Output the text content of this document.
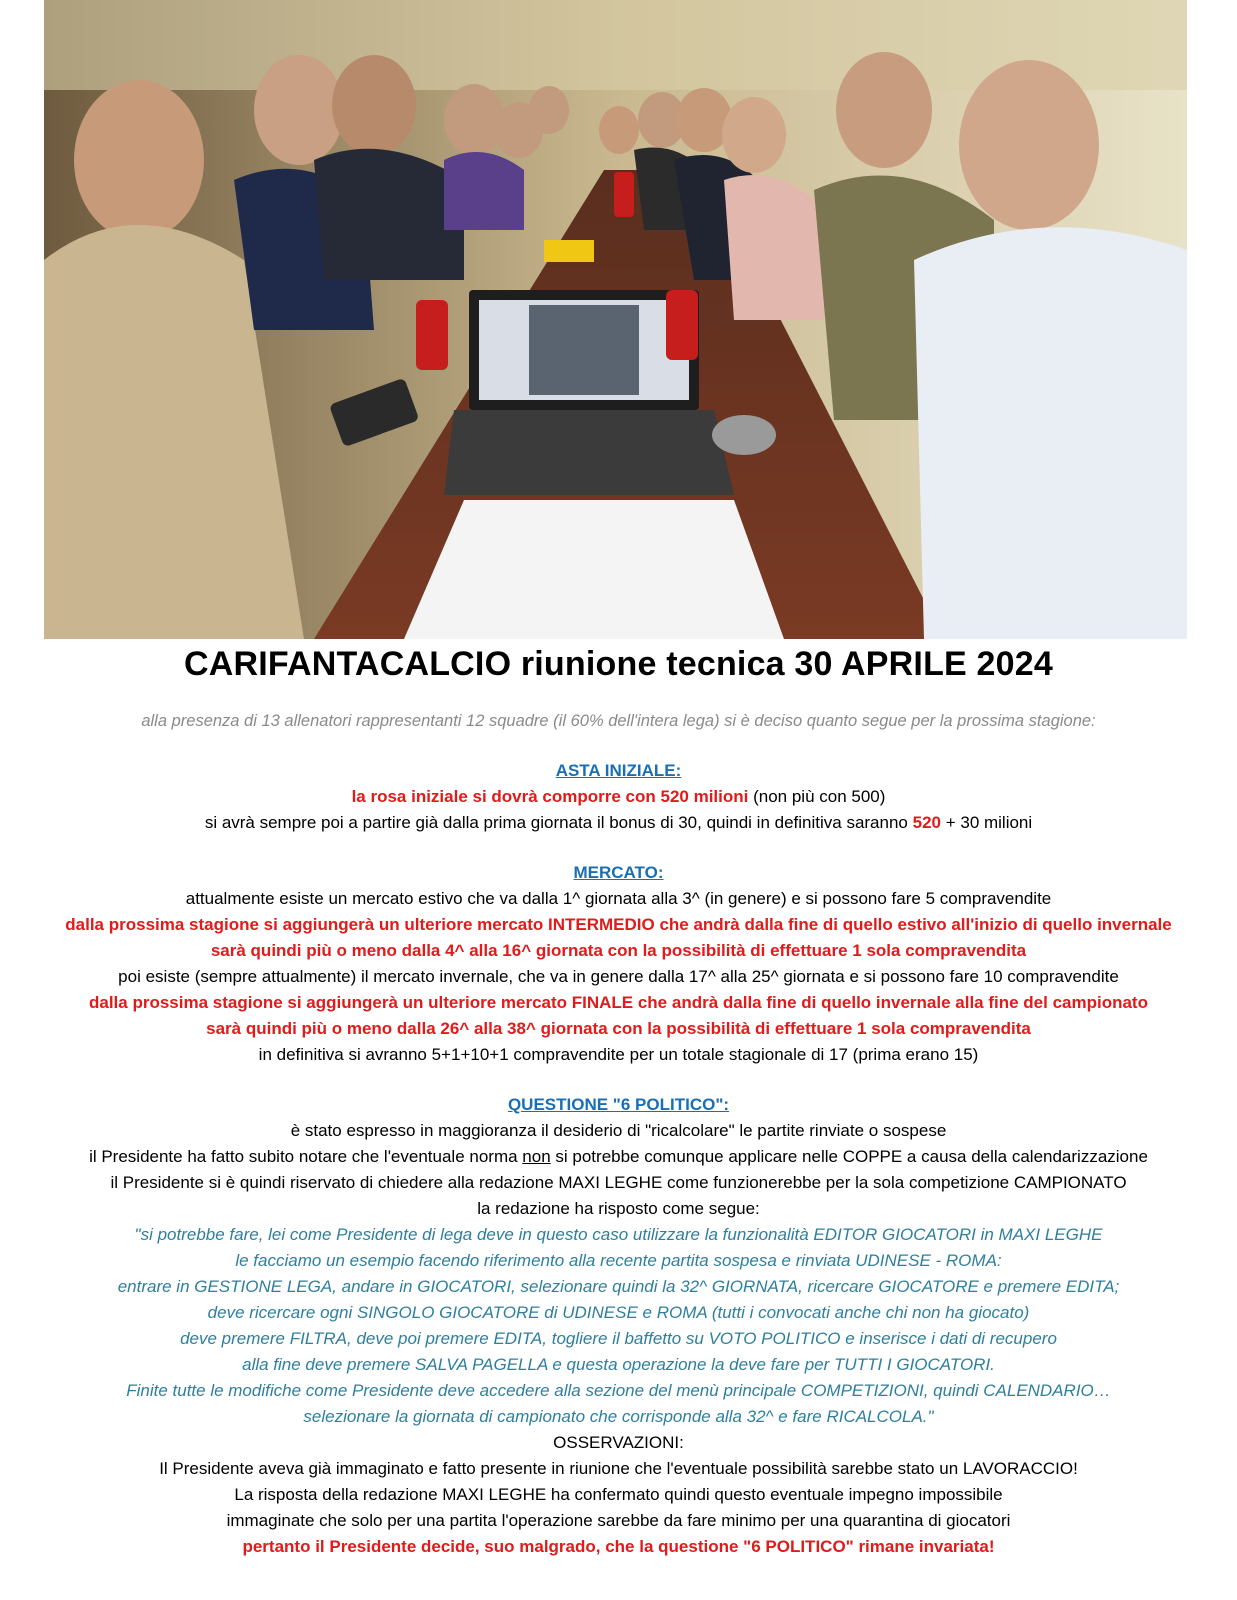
CARIFANTACALCIO riunione tecnica 30 APRILE 2024

alla presenza di 13 allenatori rappresentanti 12 squadre (il 60% dell'intera lega) si è deciso quanto segue per la prossima stagione:

ASTA INIZIALE:

la rosa iniziale si dovrà comporre con 520 milioni (non più con 500)

si avrà sempre poi a partire già dalla prima giornata il bonus di 30, quindi in definitiva saranno 520 + 30 milioni

MERCATO:

attualmente esiste un mercato estivo che va dalla 1^ giornata alla 3^ (in genere) e si possono fare 5 compravendite

dalla prossima stagione si aggiungerà un ulteriore mercato INTERMEDIO che andrà dalla fine di quello estivo all'inizio di quello invernale

sarà quindi più o meno dalla 4^ alla 16^ giornata con la possibilità di effettuare 1 sola compravendita

poi esiste (sempre attualmente) il mercato invernale, che va in genere dalla 17^ alla 25^ giornata e si possono fare 10 compravendite

dalla prossima stagione si aggiungerà un ulteriore mercato FINALE che andrà dalla fine di quello invernale alla fine del campionato

sarà quindi più o meno dalla 26^ alla 38^ giornata con la possibilità di effettuare 1 sola compravendita

in definitiva si avranno 5+1+10+1 compravendite per un totale stagionale di 17 (prima erano 15)

QUESTIONE "6 POLITICO":

è stato espresso in maggioranza il desiderio di "ricalcolare" le partite rinviate o sospese

il Presidente ha fatto subito notare che l'eventuale norma non si potrebbe comunque applicare nelle COPPE a causa della calendarizzazione

il Presidente si è quindi riservato di chiedere alla redazione MAXI LEGHE come funzionerebbe per la sola competizione CAMPIONATO

la redazione ha risposto come segue:

"si potrebbe fare, lei come Presidente di lega deve in questo caso utilizzare la funzionalità EDITOR GIOCATORI in MAXI LEGHE

le facciamo un esempio facendo riferimento alla recente partita sospesa e rinviata UDINESE - ROMA:

entrare in GESTIONE LEGA, andare in GIOCATORI, selezionare quindi la 32^ GIORNATA, ricercare GIOCATORE e premere EDITA;

deve ricercare ogni SINGOLO GIOCATORE di UDINESE e ROMA (tutti i convocati anche chi non ha giocato)

deve premere FILTRA, deve poi premere EDITA, togliere il baffetto su VOTO POLITICO e inserisce i dati di recupero

alla fine deve premere SALVA PAGELLA e questa operazione la deve fare per TUTTI I GIOCATORI.

Finite tutte le modifiche come Presidente deve accedere alla sezione del menù principale COMPETIZIONI, quindi CALENDARIO…

selezionare la giornata di campionato che corrisponde alla 32^ e fare RICALCOLA."

OSSERVAZIONI:

Il Presidente aveva già immaginato e fatto presente in riunione che l'eventuale possibilità sarebbe stato un LAVORACCIO!

La risposta della redazione MAXI LEGHE ha confermato quindi questo eventuale impegno impossibile

immaginate che solo per una partita l'operazione sarebbe da fare minimo per una quarantina di giocatori

pertanto il Presidente decide, suo malgrado, che la questione "6 POLITICO" rimane invariata!
